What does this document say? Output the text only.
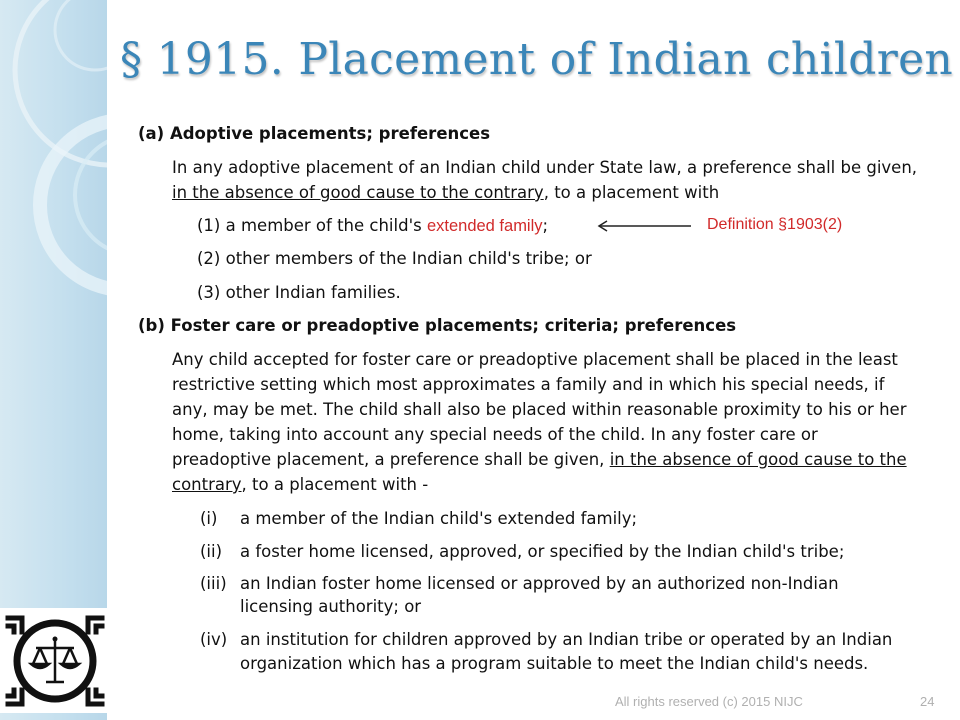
§ 1915. Placement of Indian children
(a) Adoptive placements; preferences
In any adoptive placement of an Indian child under State law, a preference shall be given,
in the absence of good cause to the contrary, to a placement with
(1) a member of the child's extended family;	Definition §1903(2)
(2) other members of the Indian child's tribe; or
(3) other Indian families.
(b) Foster care or preadoptive placements; criteria; preferences
Any child accepted for foster care or preadoptive placement shall be placed in the least
restrictive setting which most approximates a family and in which his special needs, if
any, may be met. The child shall also be placed within reasonable proximity to his or her
home, taking into account any special needs of the child. In any foster care or
preadoptive placement, a preference shall be given, in the absence of good cause to the
contrary, to a placement with -
(i) a member of the Indian child's extended family;
(ii) a foster home licensed, approved, or specified by the Indian child's tribe;
(iii) an Indian foster home licensed or approved by an authorized non-Indian
licensing authority; or
(iv) an institution for children approved by an Indian tribe or operated by an Indian
organization which has a program suitable to meet the Indian child's needs.
All rights reserved (c) 2015 NIJC	24
